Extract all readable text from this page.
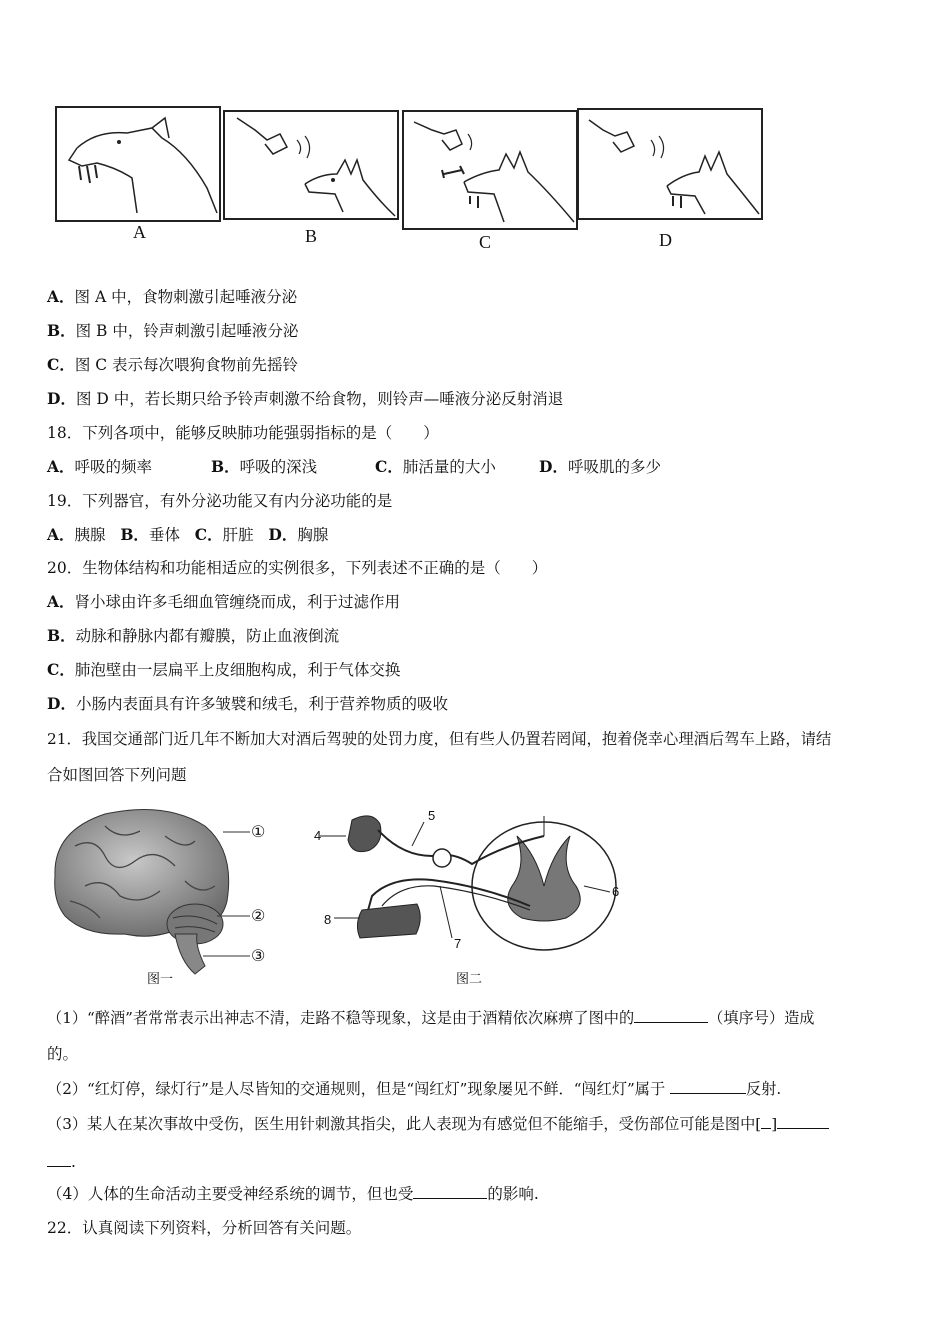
A	B	C	D
A．图 A 中，食物刺激引起唾液分泌
B．图 B 中，铃声刺激引起唾液分泌
C．图 C 表示每次喂狗食物前先摇铃
D．图 D 中，若长期只给予铃声刺激不给食物，则铃声—唾液分泌反射消退
18．下列各项中，能够反映肺功能强弱指标的是（　　）
A．呼吸的频率	B．呼吸的深浅	C．肺活量的大小	D．呼吸肌的多少
19．下列器官，有外分泌功能又有内分泌功能的是
A．胰腺 B．垂体 C．肝脏 D．胸腺
20．生物体结构和功能相适应的实例很多，下列表述不正确的是（　　）
A．肾小球由许多毛细血管缠绕而成，利于过滤作用
B．动脉和静脉内都有瓣膜，防止血液倒流
C．肺泡壁由一层扁平上皮细胞构成，利于气体交换
D．小肠内表面具有许多皱襞和绒毛，利于营养物质的吸收
21．我国交通部门近几年不断加大对酒后驾驶的处罚力度，但有些人仍置若罔闻，抱着侥幸心理酒后驾车上路，请结
合如图回答下列问题
①
②
③
图一
4
5
6
7
8
图二
（1）“醉酒”者常常表示出神志不清，走路不稳等现象，这是由于酒精依次麻痹了图中的	（填序号）造成
的。
（2）“红灯停，绿灯行”是人尽皆知的交通规则，但是“闯红灯”现象屡见不鲜．“闯红灯”属于	反射.
（3）某人在某次事故中受伤，医生用针刺激其指尖，此人表现为有感觉但不能缩手，受伤部位可能是图中[ ]
.
（4）人体的生命活动主要受神经系统的调节，但也受	的影响.
22．认真阅读下列资料，分析回答有关问题。
